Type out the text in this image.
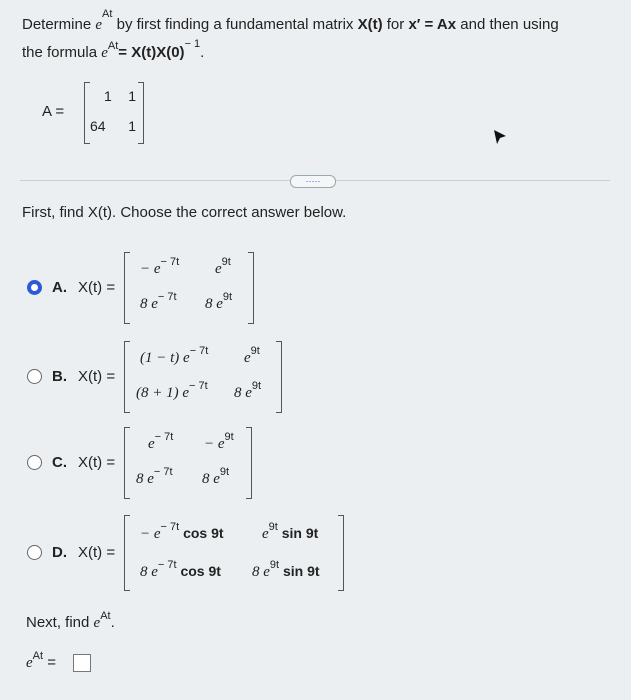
Determine $e^{At}$ by first finding a fundamental matrix X(t) for x′ = Ax and then using
the formula $e^{At}= X(t)X(0)^{- 1}$.
A =
1 1
64 1
·····
First, find X(t). Choose the correct answer below.
A. X(t) =
− $e^{- 7t}$ $e^{9t}$
8 $e^{- 7t}$ 8 $e^{9t}$
B. X(t) =
(1 − t) $e^{- 7t}$ $e^{9t}$
(8 + 1) $e^{- 7t}$ 8 $e^{9t}$
C. X(t) =
$e^{- 7t} - e^{9t}$
8 $e^{- 7t}$ 8 $e^{9t}$
D. X(t) =
− $e^{- 7t}$ cos 9t	$e^{9t}$ sin 9t
8 $e^{- 7t}$ cos 9t 8 $e^{9t}$ sin 9t
Next, find $e^{At}$.
$e^{At}$ =
